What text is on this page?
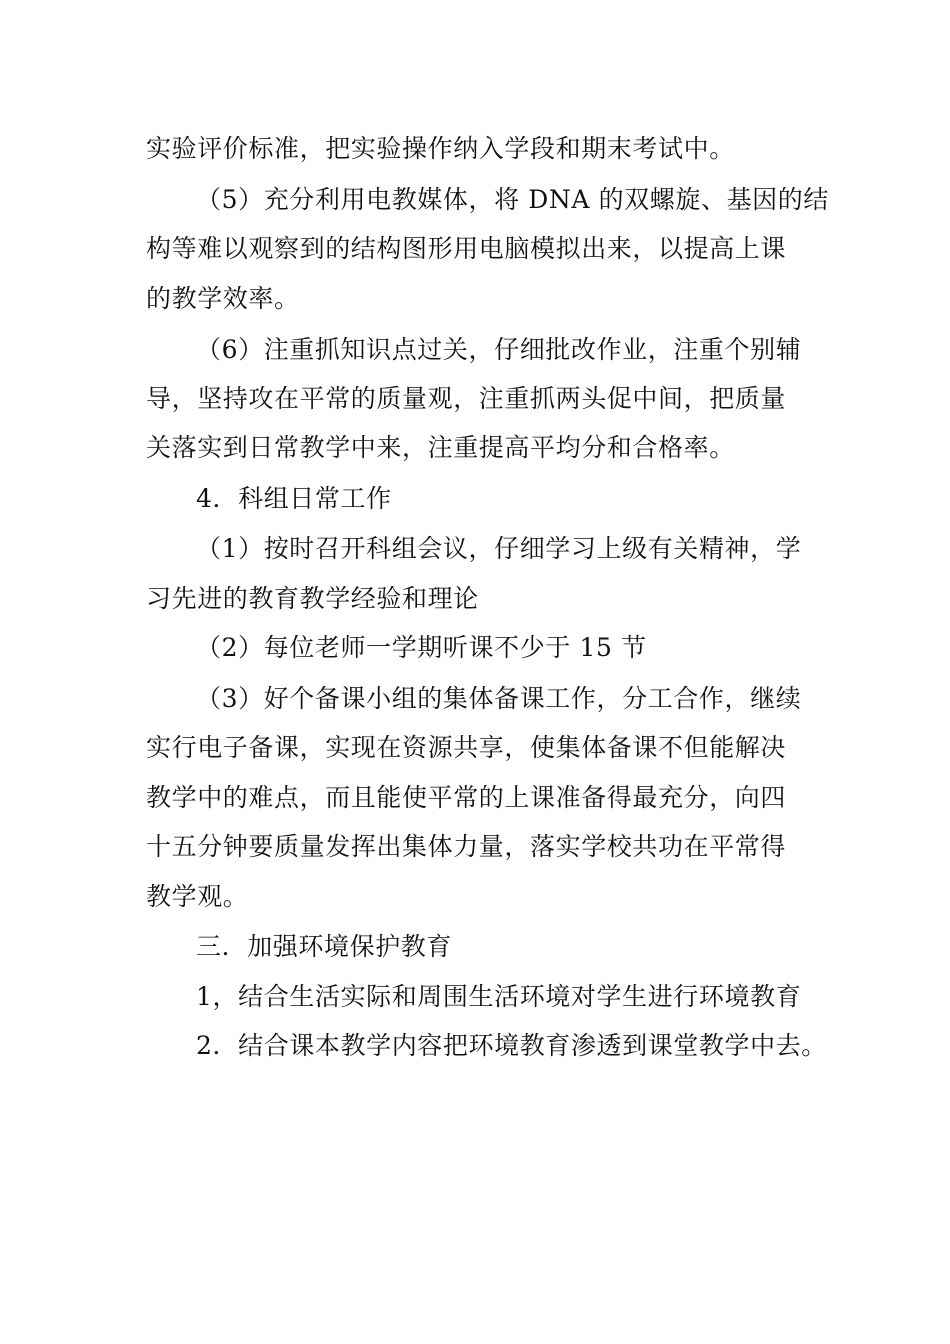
实验评价标准，把实验操作纳入学段和期末考试中。
（5）充分利用电教媒体，将 DNA 的双螺旋、基因的结
构等难以观察到的结构图形用电脑模拟出来，以提高上课
的教学效率。
（6）注重抓知识点过关，仔细批改作业，注重个别辅
导，坚持攻在平常的质量观，注重抓两头促中间，把质量
关落实到日常教学中来，注重提高平均分和合格率。
4．科组日常工作
（1）按时召开科组会议，仔细学习上级有关精神，学
习先进的教育教学经验和理论
（2）每位老师一学期听课不少于 15 节
（3）好个备课小组的集体备课工作，分工合作，继续
实行电子备课，实现在资源共享，使集体备课不但能解决
教学中的难点，而且能使平常的上课准备得最充分，向四
十五分钟要质量发挥出集体力量，落实学校共功在平常得
教学观。
三．加强环境保护教育
1，结合生活实际和周围生活环境对学生进行环境教育
2．结合课本教学内容把环境教育渗透到课堂教学中去。
